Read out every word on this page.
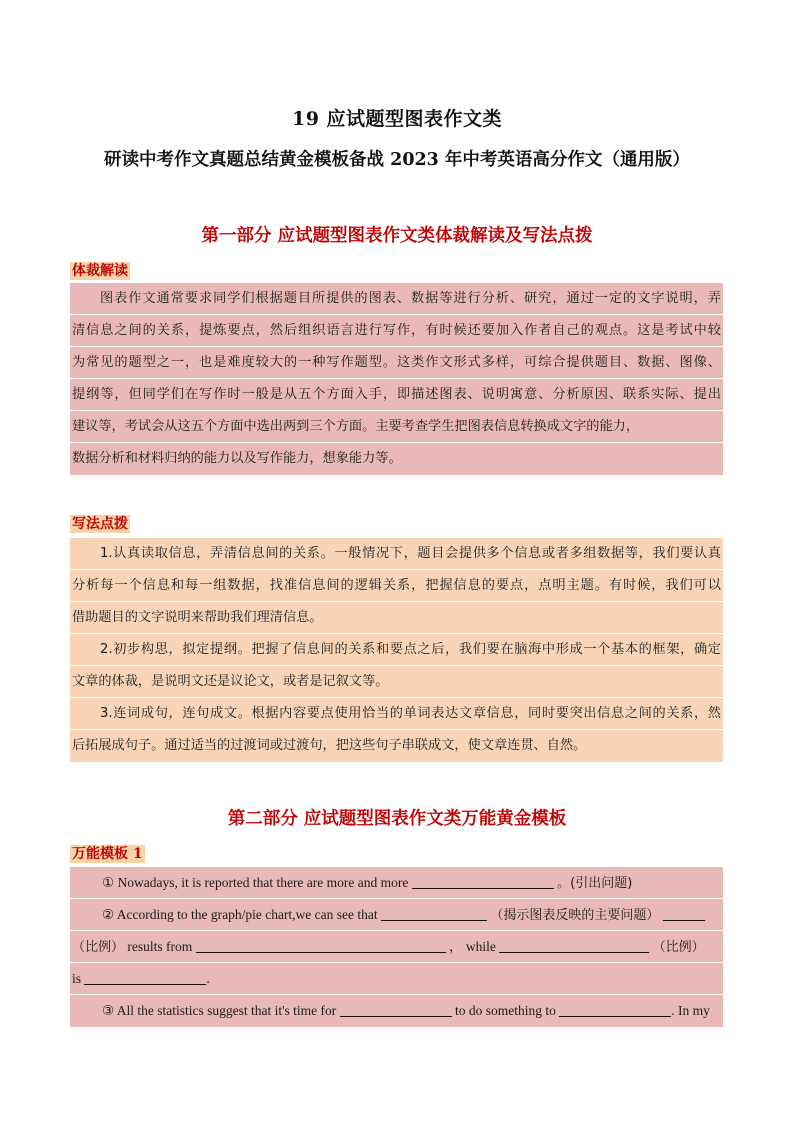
19 应试题型图表作文类
研读中考作文真题总结黄金模板备战 2023 年中考英语高分作文（通用版）
第一部分 应试题型图表作文类体裁解读及写法点拨
体裁解读
图表作文通常要求同学们根据题目所提供的图表、数据等进行分析、研究，通过一定的文字说明，弄
清信息之间的关系，提炼要点，然后组织语言进行写作，有时候还要加入作者自己的观点。这是考试中较
为常见的题型之一，也是难度较大的一种写作题型。这类作文形式多样，可综合提供题目、数据、图像、
提纲等，但同学们在写作时一般是从五个方面入手，即描述图表、说明寓意、分析原因、联系实际、提出
建议等，考试会从这五个方面中选出两到三个方面。主要考查学生把图表信息转换成文字的能力，
数据分析和材料归纳的能力以及写作能力，想象能力等。
写法点拨
1.认真读取信息，弄清信息间的关系。一般情况下，题目会提供多个信息或者多组数据等，我们要认真
分析每一个信息和每一组数据，找准信息间的逻辑关系，把握信息的要点，点明主题。有时候，我们可以
借助题目的文字说明来帮助我们理清信息。
2.初步构思，拟定提纲。把握了信息间的关系和要点之后，我们要在脑海中形成一个基本的框架，确定
文章的体裁，是说明文还是议论文，或者是记叙文等。
3.连词成句，连句成文。根据内容要点使用恰当的单词表达文章信息，同时要突出信息之间的关系，然
后拓展成句子。通过适当的过渡词或过渡句，把这些句子串联成文，使文章连贯、自然。
第二部分 应试题型图表作文类万能黄金模板
万能模板 1
① Nowadays, it is reported that there are more and more	。(引出问题)
② According to the graph/pie chart,we can see that	（揭示图表反映的主要问题）
（比例） results from	， while	（比例）
is	.
③ All the statistics suggest that it's time for	to do something to	. In my
